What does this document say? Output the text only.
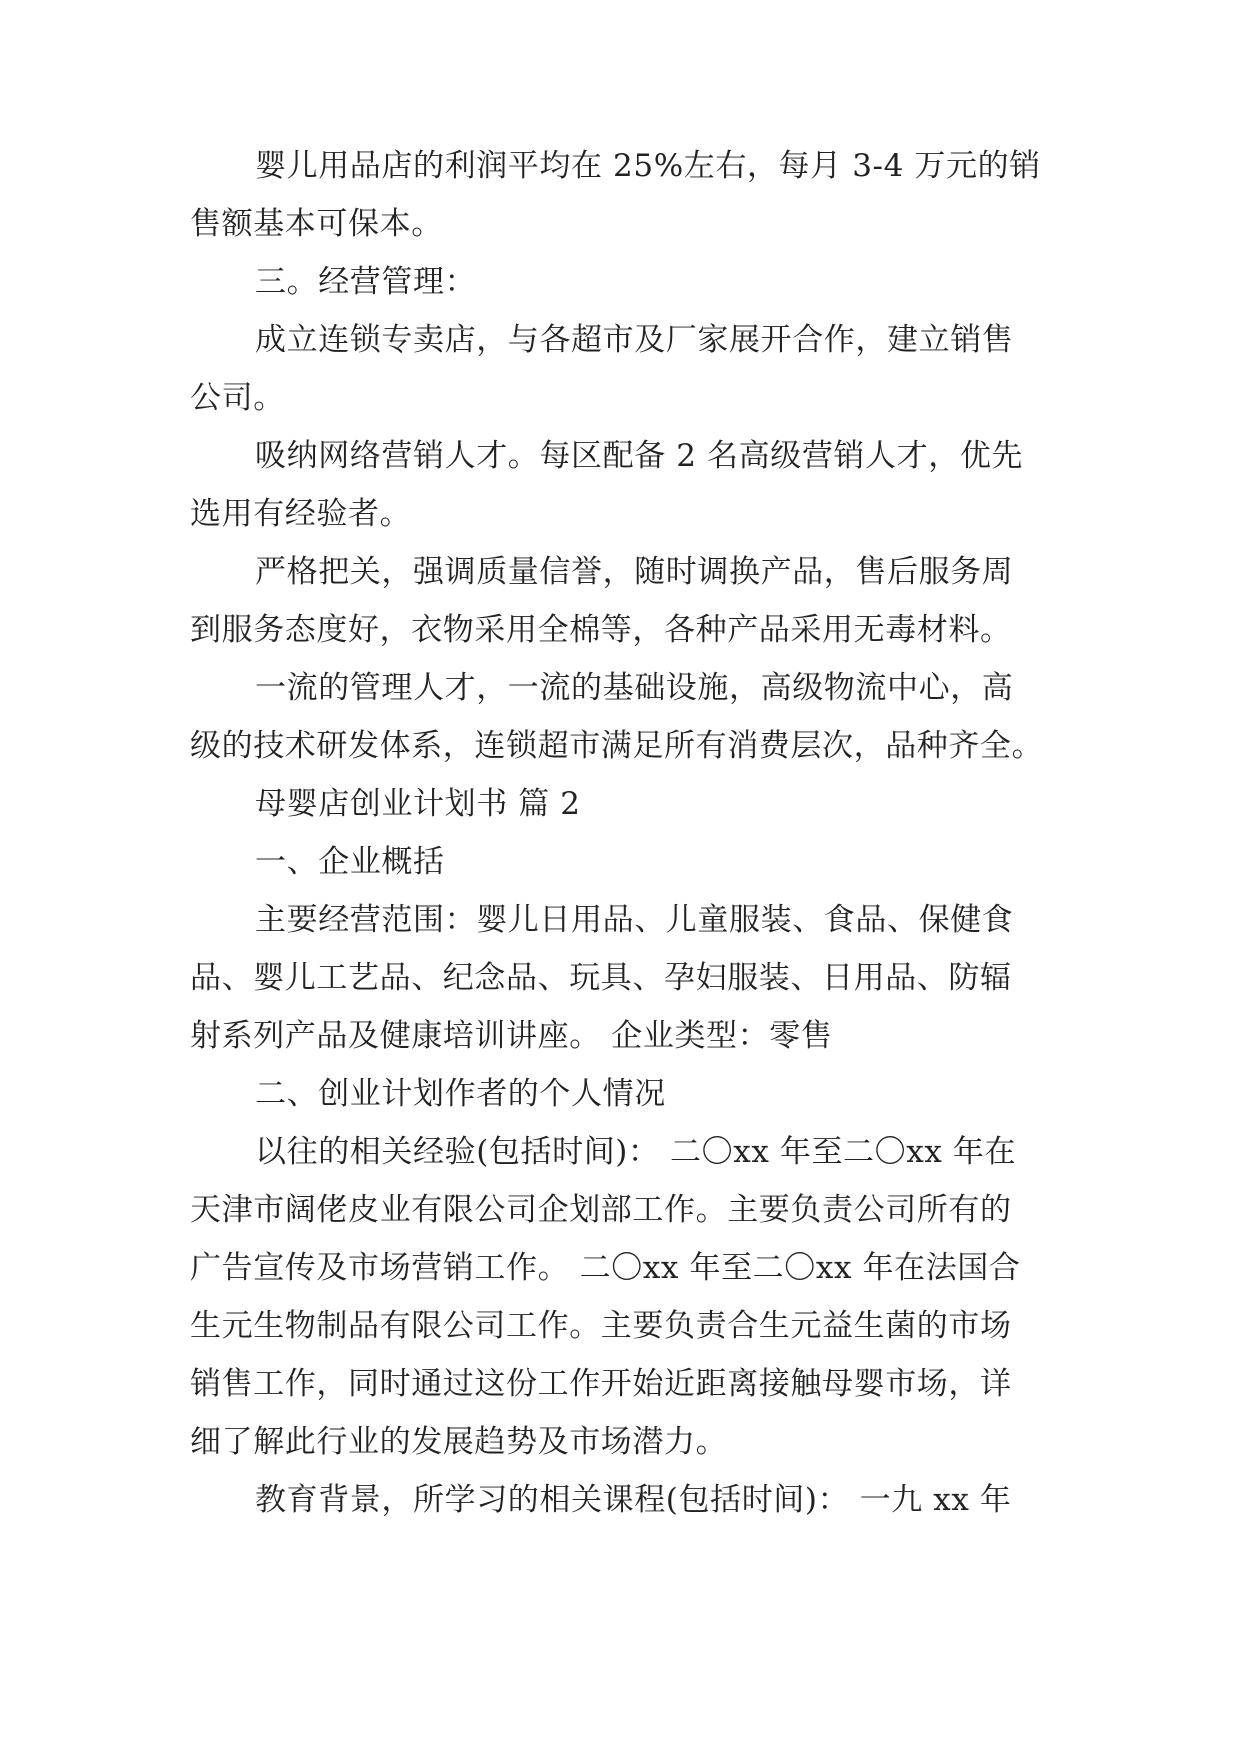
婴儿用品店的利润平均在 25%左右，每月 3-4 万元的销
售额基本可保本。
三。经营管理：
成立连锁专卖店，与各超市及厂家展开合作，建立销售
公司。
吸纳网络营销人才。每区配备 2 名高级营销人才，优先
选用有经验者。
严格把关，强调质量信誉，随时调换产品，售后服务周
到服务态度好，衣物采用全棉等，各种产品采用无毒材料。
一流的管理人才，一流的基础设施，高级物流中心，高
级的技术研发体系，连锁超市满足所有消费层次，品种齐全。
母婴店创业计划书 篇 2
一、企业概括
主要经营范围：婴儿日用品、儿童服装、食品、保健食
品、婴儿工艺品、纪念品、玩具、孕妇服装、日用品、防辐
射系列产品及健康培训讲座。 企业类型：零售
二、创业计划作者的个人情况
以往的相关经验(包括时间)： 二〇xx 年至二〇xx 年在
天津市阔佬皮业有限公司企划部工作。主要负责公司所有的
广告宣传及市场营销工作。 二〇xx 年至二〇xx 年在法国合
生元生物制品有限公司工作。主要负责合生元益生菌的市场
销售工作，同时通过这份工作开始近距离接触母婴市场，详
细了解此行业的发展趋势及市场潜力。
教育背景，所学习的相关课程(包括时间)： 一九 xx 年
